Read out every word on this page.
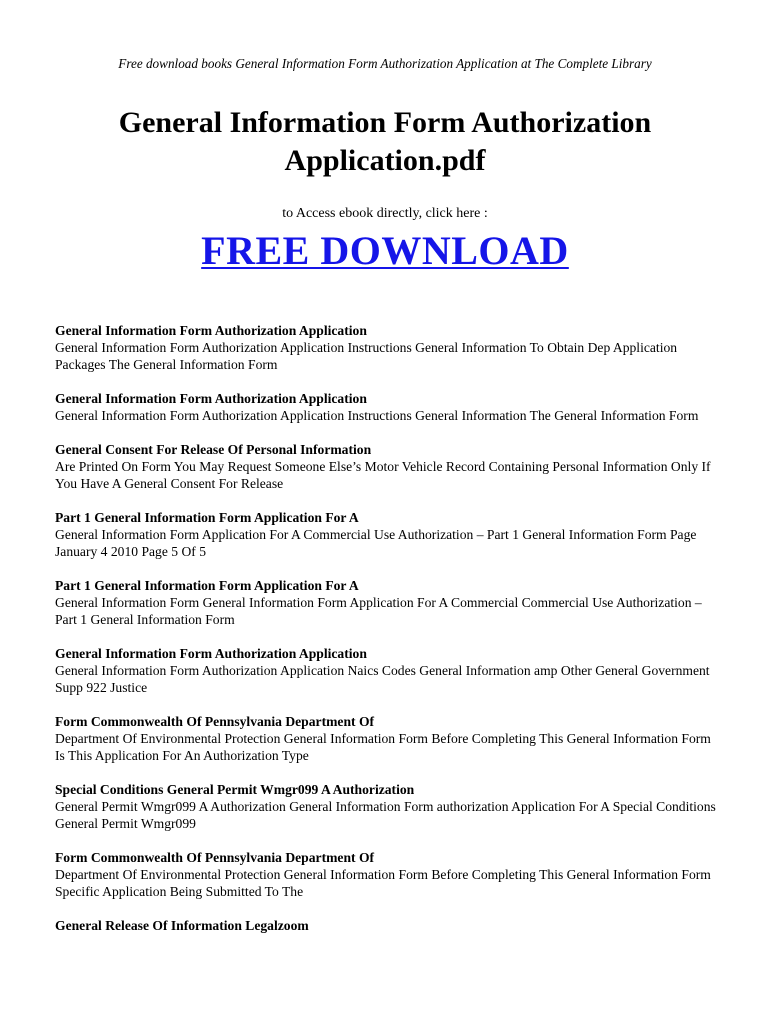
Free download books General Information Form Authorization Application at The Complete Library
General Information Form Authorization
Application.pdf
to Access ebook directly, click here :
FREE DOWNLOAD
General Information Form Authorization Application
General Information Form Authorization Application Instructions General Information To Obtain Dep Application Packages The General Information Form
General Information Form Authorization Application
General Information Form Authorization Application Instructions General Information The General Information Form
General Consent For Release Of Personal Information
Are Printed On Form You May Request Someone Else’s Motor Vehicle Record Containing Personal Information Only If You Have A General Consent For Release
Part 1 General Information Form Application For A
General Information Form Application For A Commercial Use Authorization – Part 1 General Information Form Page January 4 2010 Page 5 Of 5
Part 1 General Information Form Application For A
General Information Form General Information Form Application For A Commercial Commercial Use Authorization – Part 1 General Information Form
General Information Form Authorization Application
General Information Form Authorization Application Naics Codes General Information amp Other General Government Supp 922 Justice
Form Commonwealth Of Pennsylvania Department Of
Department Of Environmental Protection General Information Form Before Completing This General Information Form Is This Application For An Authorization Type
Special Conditions General Permit Wmgr099 A Authorization
General Permit Wmgr099 A Authorization General Information Form authorization Application For A Special Conditions General Permit Wmgr099
Form Commonwealth Of Pennsylvania Department Of
Department Of Environmental Protection General Information Form Before Completing This General Information Form Specific Application Being Submitted To The
General Release Of Information Legalzoom
